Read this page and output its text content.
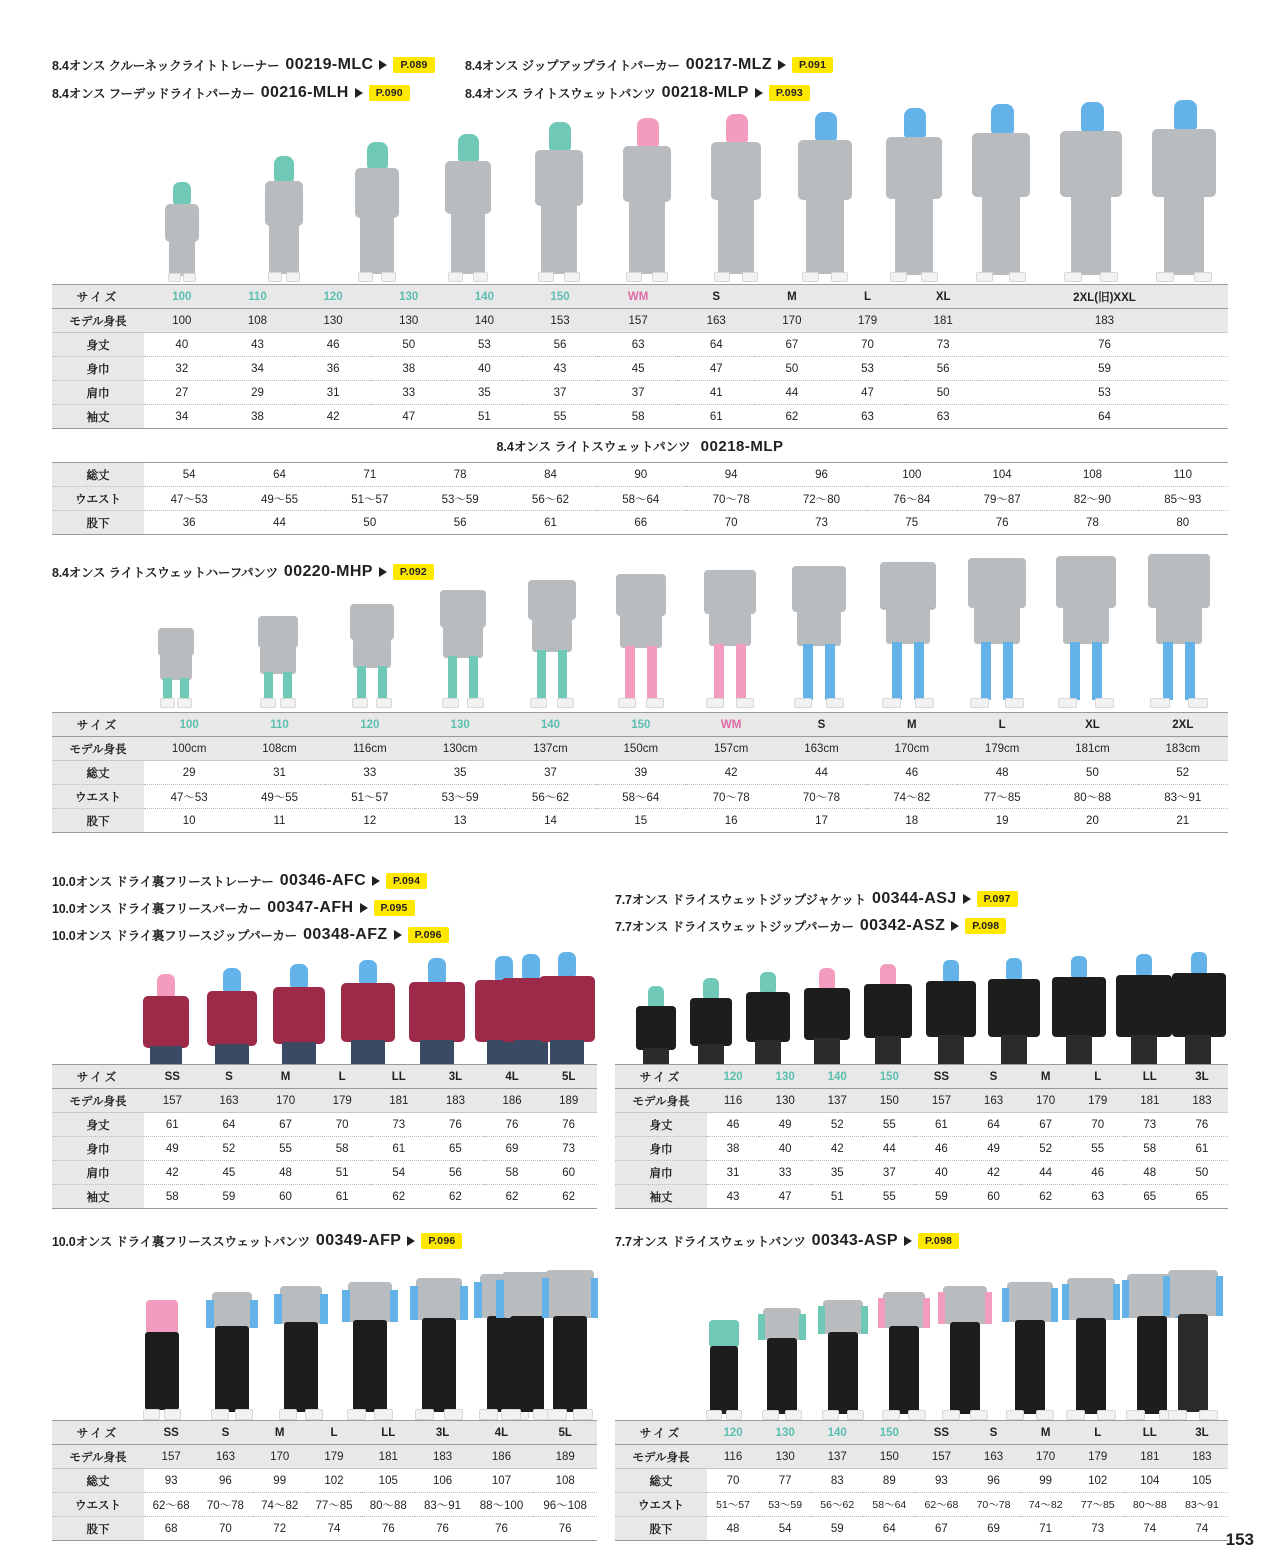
8.4オンス クルーネックライトトレーナー 00219-MLC	P.089
8.4オンス フーデッドライトパーカー 00216-MLH	P.090
8.4オンス ジップアップライトパーカー 00217-MLZ	P.091
8.4オンス ライトスウェットパンツ 00218-MLP	P.093
サイズ	100	110	120	130	140	150	WM	S	M	L	XL	2XL(旧)XXL
モデル身長	100	108	130	130	140	153	157	163	170	179	181	183
身丈	40	43	46	50	53	56	63	64	67	70	73	76
身巾	32	34	36	38	40	43	45	47	50	53	56	59
肩巾	27	29	31	33	35	37	37	41	44	47	50	53
袖丈	34	38	42	47	51	55	58	61	62	63	63	64
8.4オンス ライトスウェットパンツ 00218-MLP
総丈	54	64	71	78	84	90	94	96	100	104	108	110
ウエスト	47〜53	49〜55	51〜57	53〜59	56〜62	58〜64	70〜78	72〜80	76〜84	79〜87	82〜90	85〜93
股下	36	44	50	56	61	66	70	73	75	76	78	80
8.4オンス ライトスウェットハーフパンツ 00220-MHP	P.092
サイズ	100	110	120	130	140	150	WM	S	M	L	XL	2XL
モデル身長	100cm	108cm	116cm	130cm	137cm	150cm	157cm	163cm	170cm	179cm	181cm	183cm
総丈	29	31	33	35	37	39	42	44	46	48	50	52
ウエスト	47〜53	49〜55	51〜57	53〜59	56〜62	58〜64	70〜78	70〜78	74〜82	77〜85	80〜88	83〜91
股下	10	11	12	13	14	15	16	17	18	19	20	21
10.0オンス ドライ裏フリーストレーナー 00346-AFC	P.094
10.0オンス ドライ裏フリースパーカー 00347-AFH	P.095
10.0オンス ドライ裏フリースジップパーカー 00348-AFZ	P.096
サイズ	SS	S	M	L	LL	3L	4L	5L
モデル身長	157	163	170	179	181	183	186	189
身丈	61	64	67	70	73	76	76	76
身巾	49	52	55	58	61	65	69	73
肩巾	42	45	48	51	54	56	58	60
袖丈	58	59	60	61	62	62	62	62
7.7オンス ドライスウェットジップジャケット 00344-ASJ	P.097
7.7オンス ドライスウェットジップパーカー 00342-ASZ	P.098
サイズ	120	130	140	150	SS	S	M	L	LL	3L
モデル身長	116	130	137	150	157	163	170	179	181	183
身丈	46	49	52	55	61	64	67	70	73	76
身巾	38	40	42	44	46	49	52	55	58	61
肩巾	31	33	35	37	40	42	44	46	48	50
袖丈	43	47	51	55	59	60	62	63	65	65
10.0オンス ドライ裏フリーススウェットパンツ 00349-AFP	P.096
サイズ	SS	S	M	L	LL	3L	4L	5L
モデル身長	157	163	170	179	181	183	186	189
総丈	93	96	99	102	105	106	107	108
ウエスト	62〜68	70〜78	74〜82	77〜85	80〜88	83〜91	88〜100	96〜108
股下	68	70	72	74	76	76	76	76
7.7オンス ドライスウェットパンツ 00343-ASP	P.098
サイズ	120	130	140	150	SS	S	M	L	LL	3L
モデル身長	116	130	137	150	157	163	170	179	181	183
総丈	70	77	83	89	93	96	99	102	104	105
ウエスト	51〜57	53〜59	56〜62	58〜64	62〜68	70〜78	74〜82	77〜85	80〜88	83〜91
股下	48	54	59	64	67	69	71	73	74	74
153
